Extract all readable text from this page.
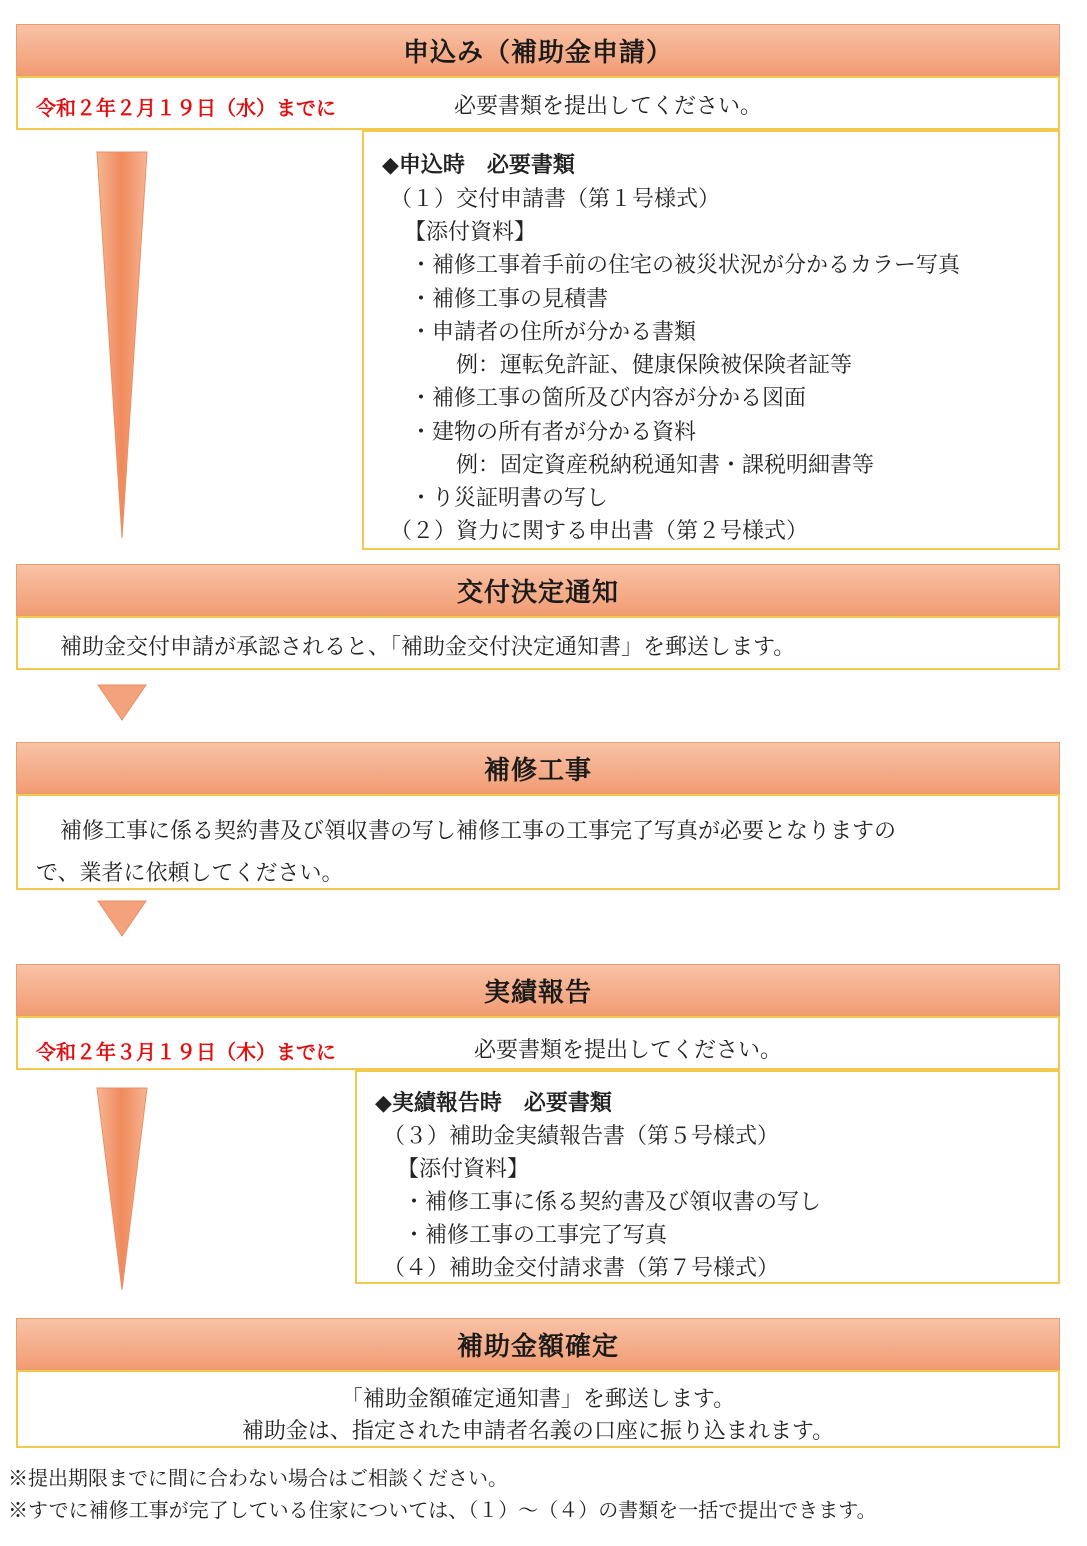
申込み（補助金申請）
令和２年２月１９日（水）までに	必要書類を提出してください。
◆申込時　必要書類
（１）交付申請書（第１号様式）
【添付資料】
・補修工事着手前の住宅の被災状況が分かるカラー写真
・補修工事の見積書
・申請者の住所が分かる書類
例：運転免許証、健康保険被保険者証等
・補修工事の箇所及び内容が分かる図面
・建物の所有者が分かる資料
例：固定資産税納税通知書・課税明細書等
・り災証明書の写し
（２）資力に関する申出書（第２号様式）
交付決定通知
補助金交付申請が承認されると、「補助金交付決定通知書」を郵送します。
補修工事
補修工事に係る契約書及び領収書の写し補修工事の工事完了写真が必要となりますの
で、業者に依頼してください。
実績報告
令和２年３月１９日（木）までに	必要書類を提出してください。
◆実績報告時　必要書類
（３）補助金実績報告書（第５号様式）
【添付資料】
・補修工事に係る契約書及び領収書の写し
・補修工事の工事完了写真
（４）補助金交付請求書（第７号様式）
補助金額確定
「補助金額確定通知書」を郵送します。
補助金は、指定された申請者名義の口座に振り込まれます。
※提出期限までに間に合わない場合はご相談ください。
※すでに補修工事が完了している住家については、（１）～（４）の書類を一括で提出できます。
